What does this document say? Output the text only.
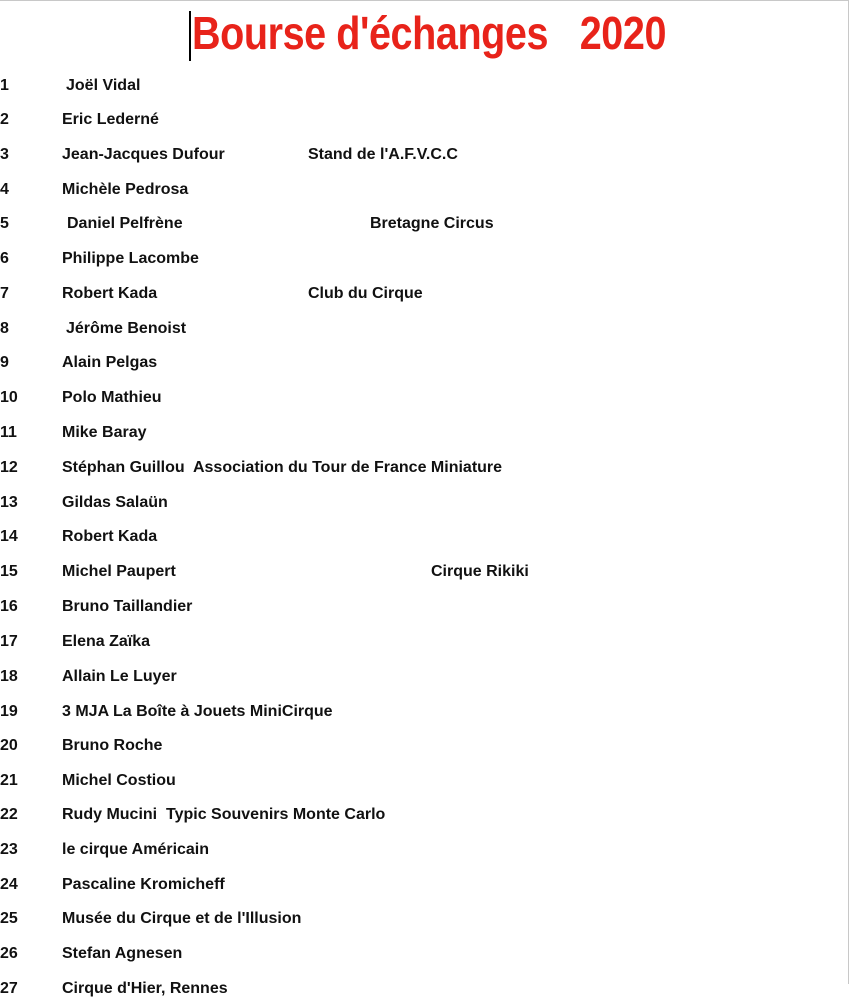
Bourse d'échanges   2020
1	Joël Vidal
2	Eric Lederné
3	Jean-Jacques Dufour	Stand de l'A.F.V.C.C
4	Michèle Pedrosa
5	Daniel Pelfrène	Bretagne Circus
6	Philippe Lacombe
7	Robert Kada	Club du Cirque
8	Jérôme Benoist
9	Alain Pelgas
10	Polo Mathieu
11	Mike Baray
12	Stéphan Guillou  Association du Tour de France Miniature
13	Gildas Salaün
14	Robert Kada
15	Michel Paupert	Cirque Rikiki
16	Bruno Taillandier
17	Elena Zaïka
18	Allain Le Luyer
19	3 MJA La Boîte à Jouets MiniCirque
20	Bruno Roche
21	Michel Costiou
22	Rudy Mucini  Typic Souvenirs Monte Carlo
23	le cirque Américain
24	Pascaline Kromicheff
25	Musée du Cirque et de l'Illusion
26	Stefan Agnesen
27	Cirque d'Hier, Rennes
